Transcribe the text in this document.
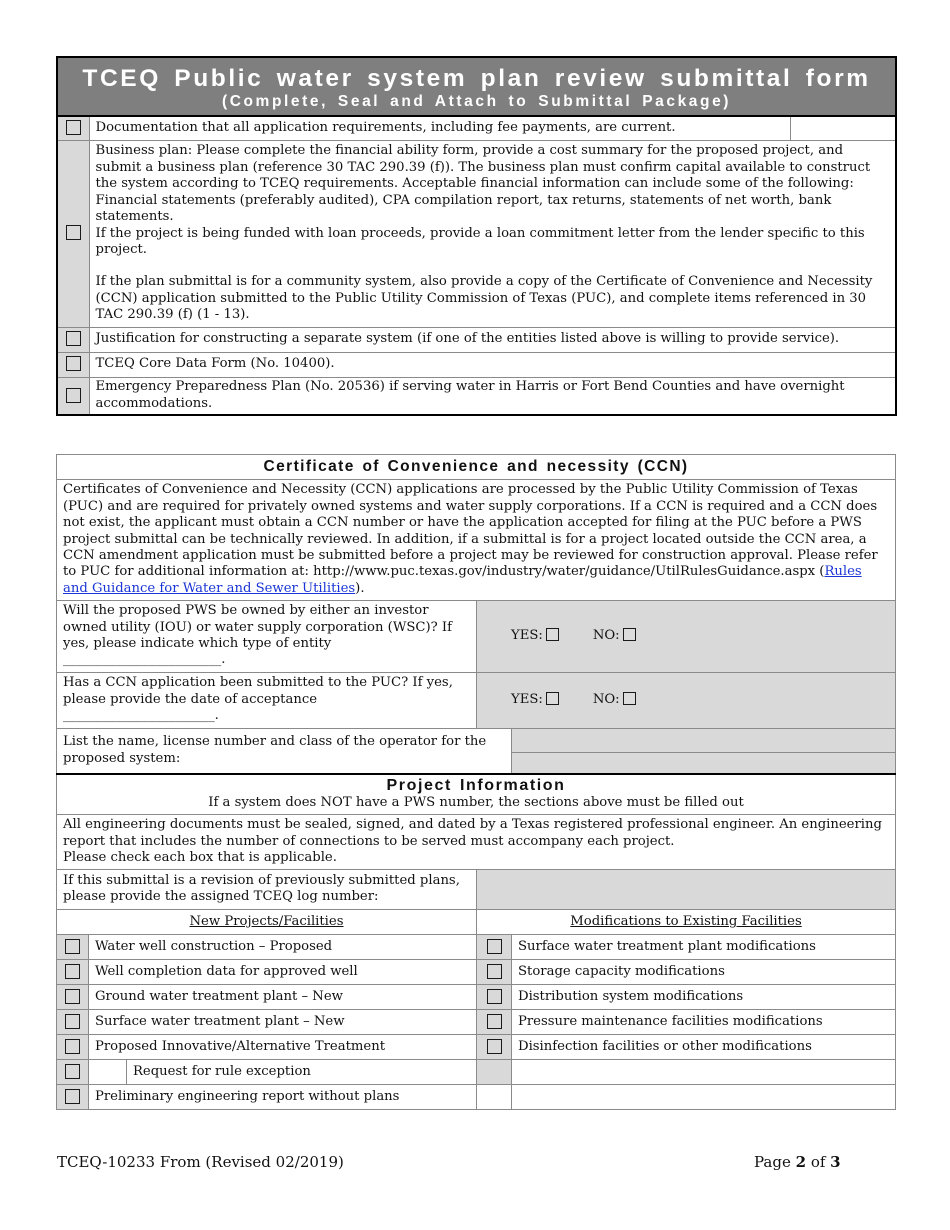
TCEQ Public water system plan review submittal form
(Complete, Seal and Attach to Submittal Package)		

	Documentation that all application requirements, including fee payments, are current.	

	Business plan: Please complete the financial ability form, provide a cost summary for the proposed project, and submit a business plan (reference 30 TAC 290.39 (f)). The business plan must confirm capital available to construct the system according to TCEQ requirements. Acceptable financial information can include some of the following: Financial statements (preferably audited), CPA compilation report, tax returns, statements of net worth, bank statements.
If the project is being funded with loan proceeds, provide a loan commitment letter from the lender specific to this project.
If the plan submittal is for a community system, also provide a copy of the Certificate of Convenience and Necessity (CCN) application submitted to the Public Utility Commission of Texas (PUC), and complete items referenced in 30 TAC 290.39 (f) (1 - 13).	

	Justification for constructing a separate system (if one of the entities listed above is willing to provide service).	
	TCEQ Core Data Form (No. 10400).	
	Emergency Preparedness Plan (No. 20536) if serving water in Harris or Fort Bend Counties and have overnight accommodations.	
Certificate of Convenience and necessity (CCN)			
Certificates of Convenience and Necessity (CCN) applications are processed by the Public Utility Commission of Texas (PUC) and are required for privately owned systems and water supply corporations. If a CCN is required and a CCN does not exist, the applicant must obtain a CCN number or have the application accepted for filing at the PUC before a PWS project submittal can be technically reviewed. In addition, if a submittal is for a project located outside the CCN area, a CCN amendment application must be submitted before a project may be reviewed for construction approval. Please refer to PUC for additional information at: http://www.puc.texas.gov/industry/water/guidance/UtilRulesGuidance.aspx (Rules and Guidance for Water and Sewer Utilities).			

Will the proposed PWS be owned by either an investor owned utility (IOU) or water supply corporation (WSC)? If yes, please indicate which type of entity
________________________.		YES: NO:	

Has a CCN application been submitted to the PUC? If yes, please provide the date of acceptance
_______________________.		YES: NO:	
List the name, license number and class of the operator for the proposed system:			

Project Information
If a system does NOT have a PWS number, the sections above must be filled out			

All engineering documents must be sealed, signed, and dated by a Texas registered professional engineer. An engineering report that includes the number of connections to be served must accompany each project.
Please check each box that is applicable.			

If this submittal is a revision of previously submitted plans, please provide the assigned TCEQ log number:			
New Projects/Facilities		Modifications to Existing Facilities	
	Water well construction – Proposed		Surface water treatment plant modifications
	Well completion data for approved well		Storage capacity modifications
	Ground water treatment plant – New		Distribution system modifications
	Surface water treatment plant – New		Pressure maintenance facilities modifications
	Proposed Innovative/Alternative Treatment		Disinfection facilities or other modifications

	Request for rule exception		

	Preliminary engineering report without plans		
TCEQ-10233 From (Revised 02/2019)	Page 2 of 3
